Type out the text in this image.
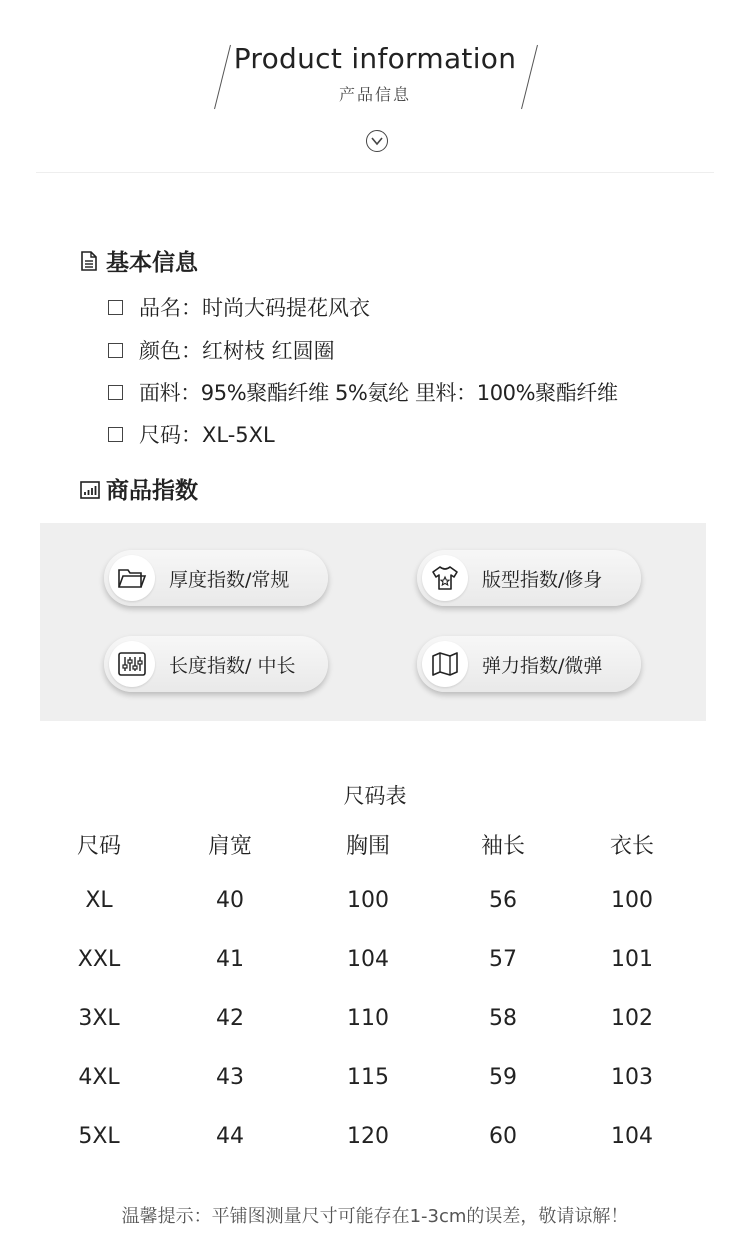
Product information
产品信息
基本信息
品名：时尚大码提花风衣
颜色：红树枝 红圆圈
面料：95%聚酯纤维 5%氨纶 里料：100%聚酯纤维
尺码：XL-5XL
商品指数
厚度指数/常规	版型指数/修身
长度指数/ 中长	弹力指数/微弹
尺码表
尺码	肩宽	胸围	袖长	衣长
XL	40	100	56	100
XXL	41	104	57	101
3XL	42	110	58	102
4XL	43	115	59	103
5XL	44	120	60	104
温馨提示：平铺图测量尺寸可能存在1-3cm的误差，敬请谅解！
